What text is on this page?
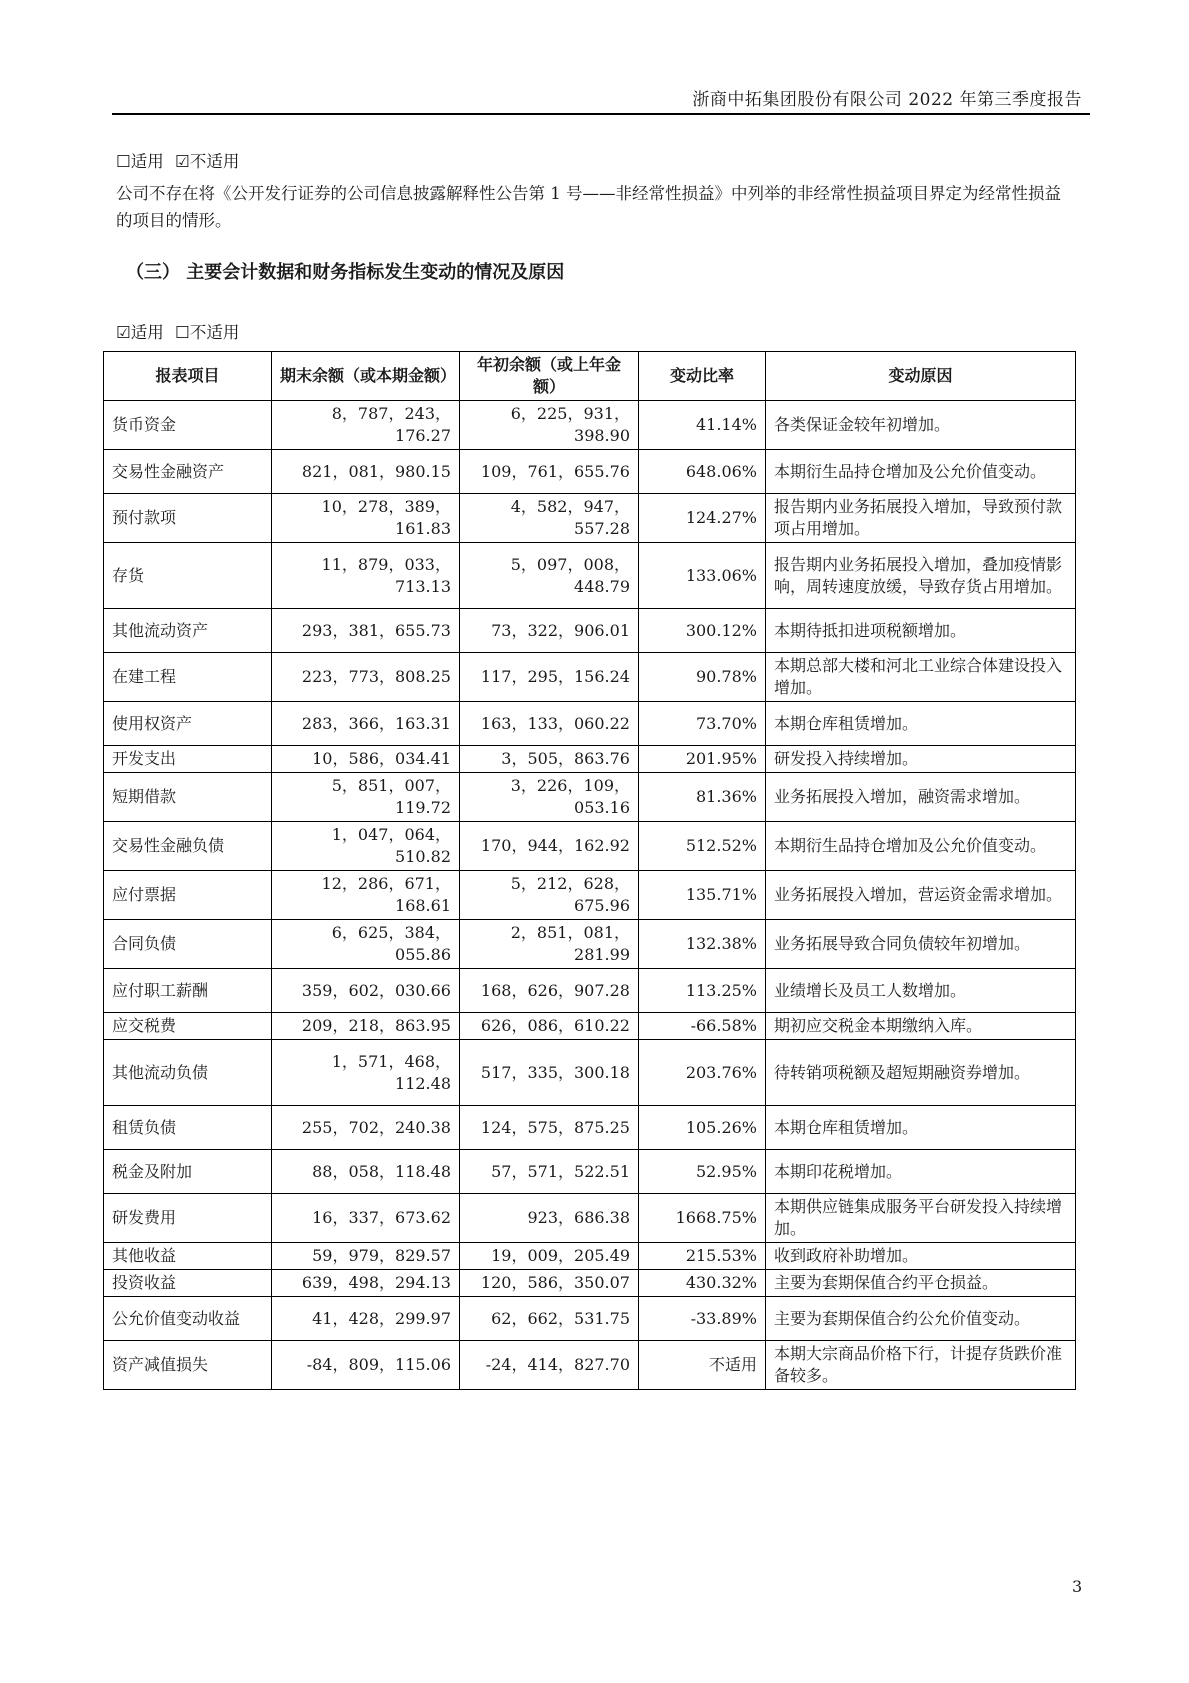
浙商中拓集团股份有限公司 2022 年第三季度报告
☐适用 ☑不适用
公司不存在将《公开发行证券的公司信息披露解释性公告第 1 号——非经常性损益》中列举的非经常性损益项目界定为经常性损益的项目的情形。
（三） 主要会计数据和财务指标发生变动的情况及原因
☑适用 ☐不适用
报表项目	期末余额（或本期金额）	年初余额（或上年金额）	变动比率	变动原因
货币资金	8，787，243，176.27	6，225，931，398.90	41.14%	各类保证金较年初增加。
交易性金融资产	821，081，980.15	109，761，655.76	648.06%	本期衍生品持仓增加及公允价值变动。
预付款项	10，278，389，161.83	4，582，947，557.28	124.27%	报告期内业务拓展投入增加，导致预付款项占用增加。
存货	11，879，033，713.13	5，097，008，448.79	133.06%	报告期内业务拓展投入增加，叠加疫情影响，周转速度放缓，导致存货占用增加。
其他流动资产	293，381，655.73	73，322，906.01	300.12%	本期待抵扣进项税额增加。
在建工程	223，773，808.25	117，295，156.24	90.78%	本期总部大楼和河北工业综合体建设投入增加。
使用权资产	283，366，163.31	163，133，060.22	73.70%	本期仓库租赁增加。
开发支出	10，586，034.41	3，505，863.76	201.95%	研发投入持续增加。
短期借款	5，851，007，119.72	3，226，109，053.16	81.36%	业务拓展投入增加，融资需求增加。
交易性金融负债	1，047，064，510.82	170，944，162.92	512.52%	本期衍生品持仓增加及公允价值变动。
应付票据	12，286，671，168.61	5，212，628，675.96	135.71%	业务拓展投入增加，营运资金需求增加。
合同负债	6，625，384，055.86	2，851，081，281.99	132.38%	业务拓展导致合同负债较年初增加。
应付职工薪酬	359，602，030.66	168，626，907.28	113.25%	业绩增长及员工人数增加。
应交税费	209，218，863.95	626，086，610.22	-66.58%	期初应交税金本期缴纳入库。
其他流动负债	1，571，468，112.48	517，335，300.18	203.76%	待转销项税额及超短期融资券增加。
租赁负债	255，702，240.38	124，575，875.25	105.26%	本期仓库租赁增加。
税金及附加	88，058，118.48	57，571，522.51	52.95%	本期印花税增加。
研发费用	16，337，673.62	923，686.38	1668.75%	本期供应链集成服务平台研发投入持续增加。
其他收益	59，979，829.57	19，009，205.49	215.53%	收到政府补助增加。
投资收益	639，498，294.13	120，586，350.07	430.32%	主要为套期保值合约平仓损益。
公允价值变动收益	41，428，299.97	62，662，531.75	-33.89%	主要为套期保值合约公允价值变动。
资产减值损失	-84，809，115.06	-24，414，827.70	不适用	本期大宗商品价格下行，计提存货跌价准备较多。
3
